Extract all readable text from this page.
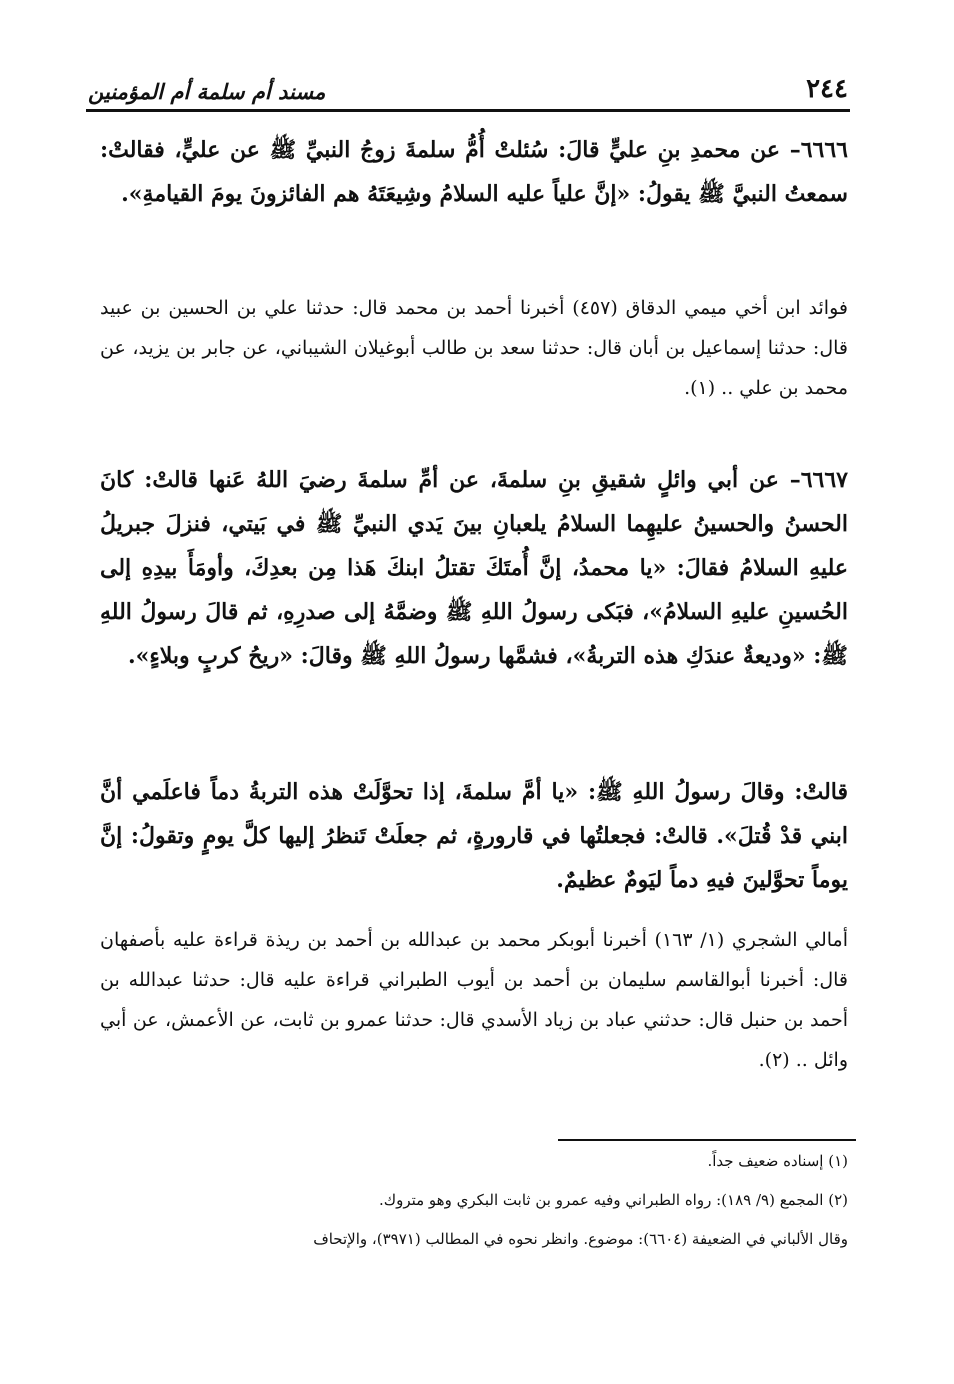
٢٤٤
مسند أم سلمة أم المؤمنين

٦٦٦٦– عن محمدِ بنِ عليٍّ قالَ: سُئلتْ أُمُّ سلمةَ زوجُ النبيِّ ﷺ عن عليٍّ، فقالتْ: سمعتُ النبيَّ ﷺ يقولُ: «إنَّ علياً عليه السلامُ وشِيعَتَهُ هم الفائزونَ يومَ القيامةِ».

فوائد ابن أخي ميمي الدقاق (٤٥٧) أخبرنا أحمد بن محمد قال: حدثنا علي بن الحسين بن عبيد قال: حدثنا إسماعيل بن أبان قال: حدثنا سعد بن طالب أبوغيلان الشيباني، عن جابر بن يزيد، عن محمد بن علي .. (١).

٦٦٦٧– عن أبي وائلٍ شقيقِ بنِ سلمةَ، عن أمِّ سلمةَ رضيَ اللهُ عَنها قالتْ: كانَ الحسنُ والحسينُ عليهِما السلامُ يلعبانِ بينَ يَدي النبيِّ ﷺ في بَيتي، فنزلَ جبريلُ عليهِ السلامُ فقالَ: «يا محمدُ، إنَّ أُمتَكَ تقتلُ ابنكَ هَذا مِن بعدِكَ، وأومَأَ بيدِهِ إلى الحُسينِ عليهِ السلامُ»، فبَكى رسولُ اللهِ ﷺ وضمَّهُ إلى صدرِهِ، ثم قالَ رسولُ اللهِ ﷺ: «وديعةٌ عندَكِ هذه التربةُ»، فشمَّها رسولُ اللهِ ﷺ وقالَ: «ريحُ كربٍ وبلاءٍ».

قالتْ: وقالَ رسولُ اللهِ ﷺ: «يا أمَّ سلمةَ، إذا تحوَّلَتْ هذه التربةُ دماً فاعلَمي أنَّ ابني قدْ قُتلَ». قالتْ: فجعلتُها في قارورةٍ، ثم جعلَتْ تَنظرُ إليها كلَّ يومٍ وتقولُ: إنَّ يوماً تحوَّلينَ فيهِ دماً ليَومٌ عظيمٌ.

أمالي الشجري (١/ ١٦٣) أخبرنا أبوبكر محمد بن عبدالله بن أحمد بن ريذة قراءة عليه بأصفهان قال: أخبرنا أبوالقاسم سليمان بن أحمد بن أيوب الطبراني قراءة عليه قال: حدثنا عبدالله بن أحمد بن حنبل قال: حدثني عباد بن زياد الأسدي قال: حدثنا عمرو بن ثابت، عن الأعمش، عن أبي وائل .. (٢).

(١) إسناده ضعيف جداً.

(٢) المجمع (٩/ ١٨٩): رواه الطبراني وفيه عمرو بن ثابت البكري وهو متروك.

وقال الألباني في الضعيفة (٦٦٠٤): موضوع. وانظر نحوه في المطالب (٣٩٧١)، والإتحاف
